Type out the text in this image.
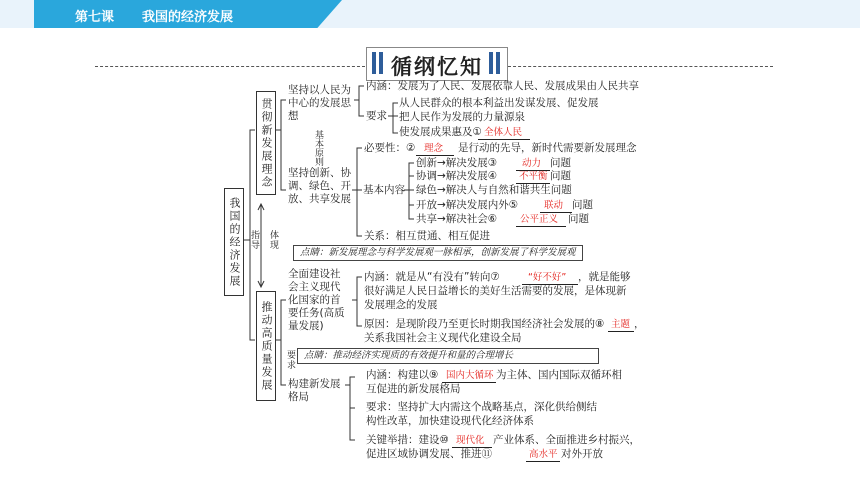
第七课 我国的经济发展
循纲忆知
我国的经济发展
贯彻新发展理念
推动高质量发展
指导 体现
要求
坚持以人民为中心的发展思想
内涵：发展为了人民、发展依靠人民、发展成果由人民共享
要求
从人民群众的根本利益出发谋发展、促发展
把人民作为发展的力量源泉
使发展成果惠及① 全体人民
基本原则
坚持创新、协调、绿色、开放、共享发展
必要性：② 理念 是行动的先导，新时代需要新发展理念
基本内容
创新→解决发展③	动力 问题
协调→解决发展④ 不平衡 问题
绿色→解决人与自然和谐共生问题
开放→解决发展内外⑤	联动 问题
共享→解决社会⑥ 公平正义 问题
关系：相互贯通、相互促进
点睛：新发展理念与科学发展观一脉相承，创新发展了科学发展观
全面建设社会主义现代化国家的首要任务(高质量发展)
内涵：就是从“有没有”转向⑦	“好不好” ，就是能够
很好满足人民日益增长的美好生活需要的发展，是体现新
发展理念的发展
原因：是现阶段乃至更长时期我国经济社会发展的⑧ 主题 ，
关系我国社会主义现代化建设全局
点睛：推动经济实现质的有效提升和量的合理增长
构建新发展格局
内涵：构建以⑨ 国内大循环 为主体、国内国际双循环相
互促进的新发展格局
要求：坚持扩大内需这个战略基点，深化供给侧结
构性改革，加快建设现代化经济体系
关键举措：建设⑩ 现代化 产业体系、全面推进乡村振兴，
促进区域协调发展、推进⑪	高水平 对外开放
